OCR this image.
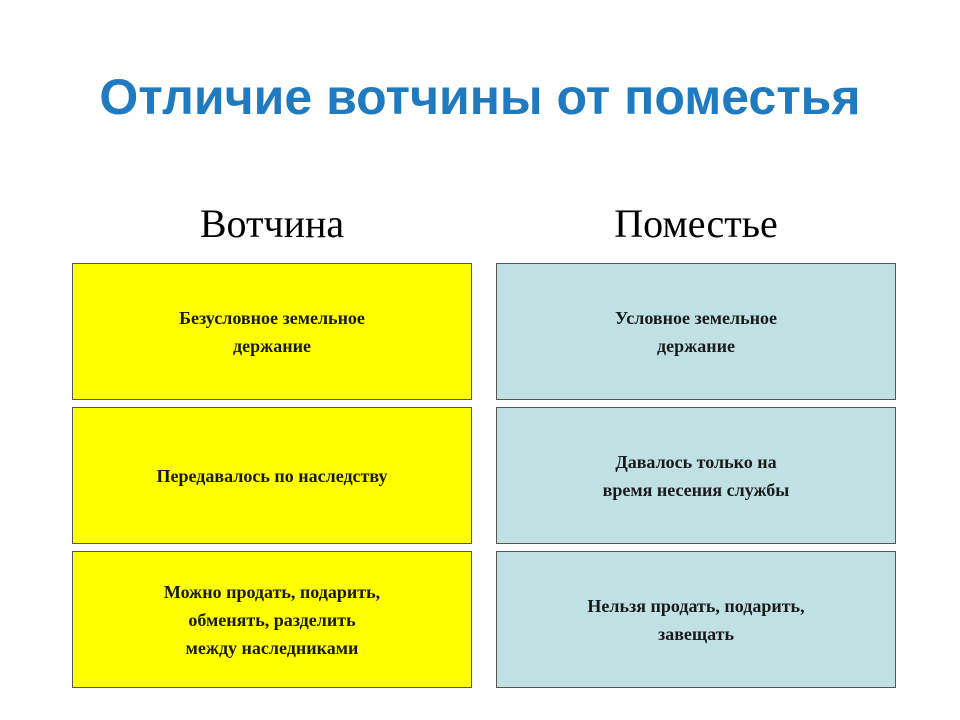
Отличие вотчины от поместья
Вотчина	Поместье
Безусловное земельное
держание
Передавалось по наследству
Можно продать, подарить,
обменять, разделить
между наследниками
Условное земельное
держание
Давалось только на
время несения службы
Нельзя продать, подарить,
завещать
